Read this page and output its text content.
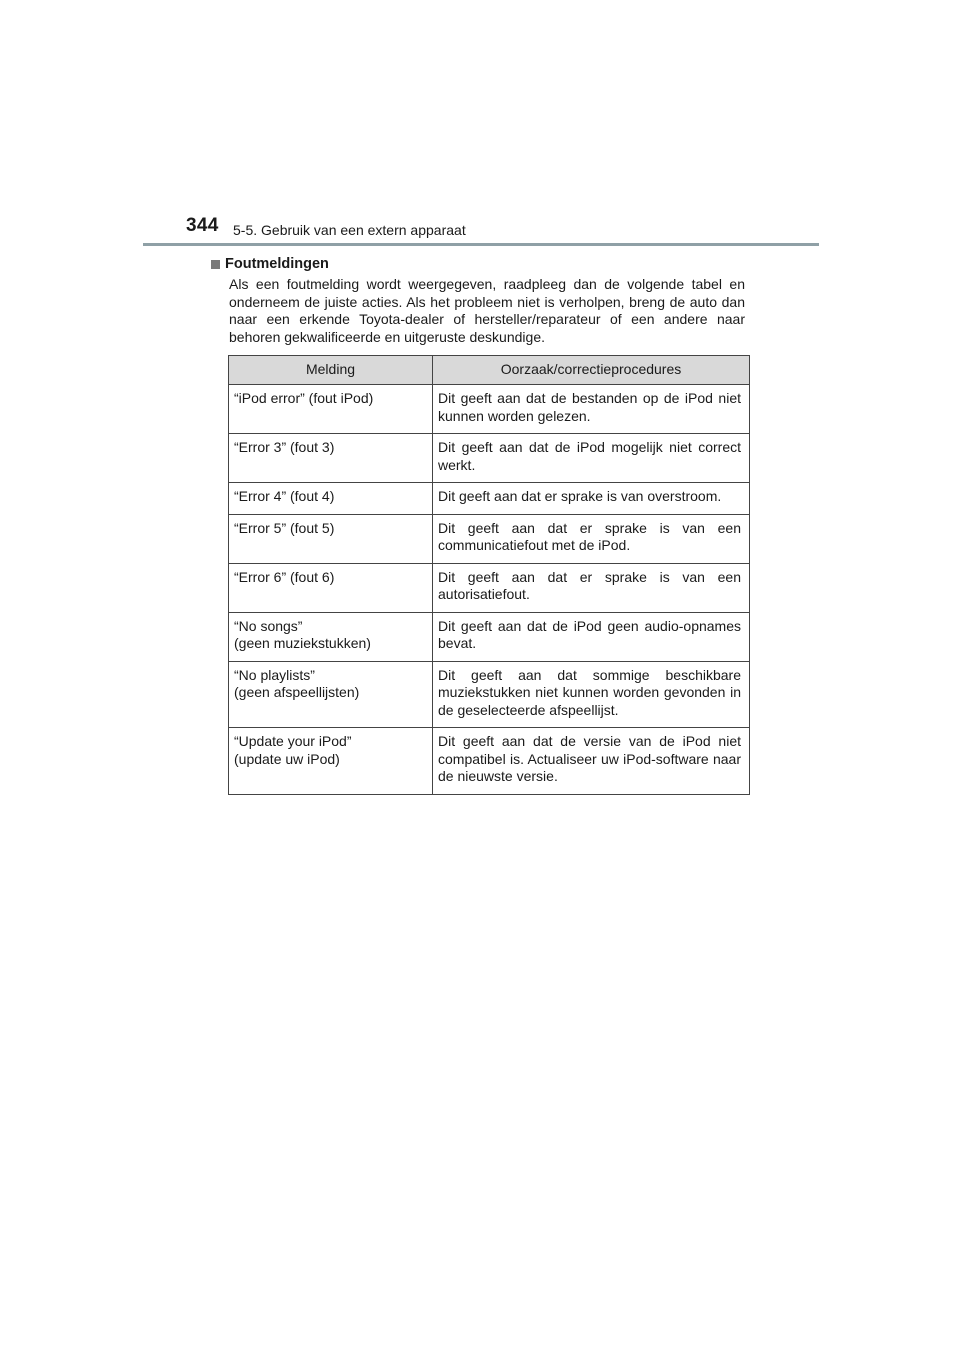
344 5-5. Gebruik van een extern apparaat
Foutmeldingen

Als een foutmelding wordt weergegeven, raadpleeg dan de volgende tabel en onderneem de juiste acties. Als het probleem niet is verholpen, breng de auto dan naar een erkende Toyota-dealer of hersteller/reparateur of een andere naar behoren gekwalificeerde en uitgeruste deskundige.

Melding	Oorzaak/correctieprocedures
“iPod error” (fout iPod)	Dit geeft aan dat de bestanden op de iPod niet kunnen worden gelezen.
“Error 3” (fout 3)	Dit geeft aan dat de iPod mogelijk niet correct werkt.
“Error 4” (fout 4)	Dit geeft aan dat er sprake is van overstroom.
“Error 5” (fout 5)	Dit geeft aan dat er sprake is van een communicatiefout met de iPod.
“Error 6” (fout 6)	Dit geeft aan dat er sprake is van een autorisatiefout.
“No songs”
(geen muziekstukken)	Dit geeft aan dat de iPod geen audio-opnames bevat.
“No playlists”
(geen afspeellijsten)	Dit geeft aan dat sommige beschikbare muziekstukken niet kunnen worden gevonden in de geselecteerde afspeellijst.
“Update your iPod”
(update uw iPod)	Dit geeft aan dat de versie van de iPod niet compatibel is. Actualiseer uw iPod-software naar de nieuwste versie.
